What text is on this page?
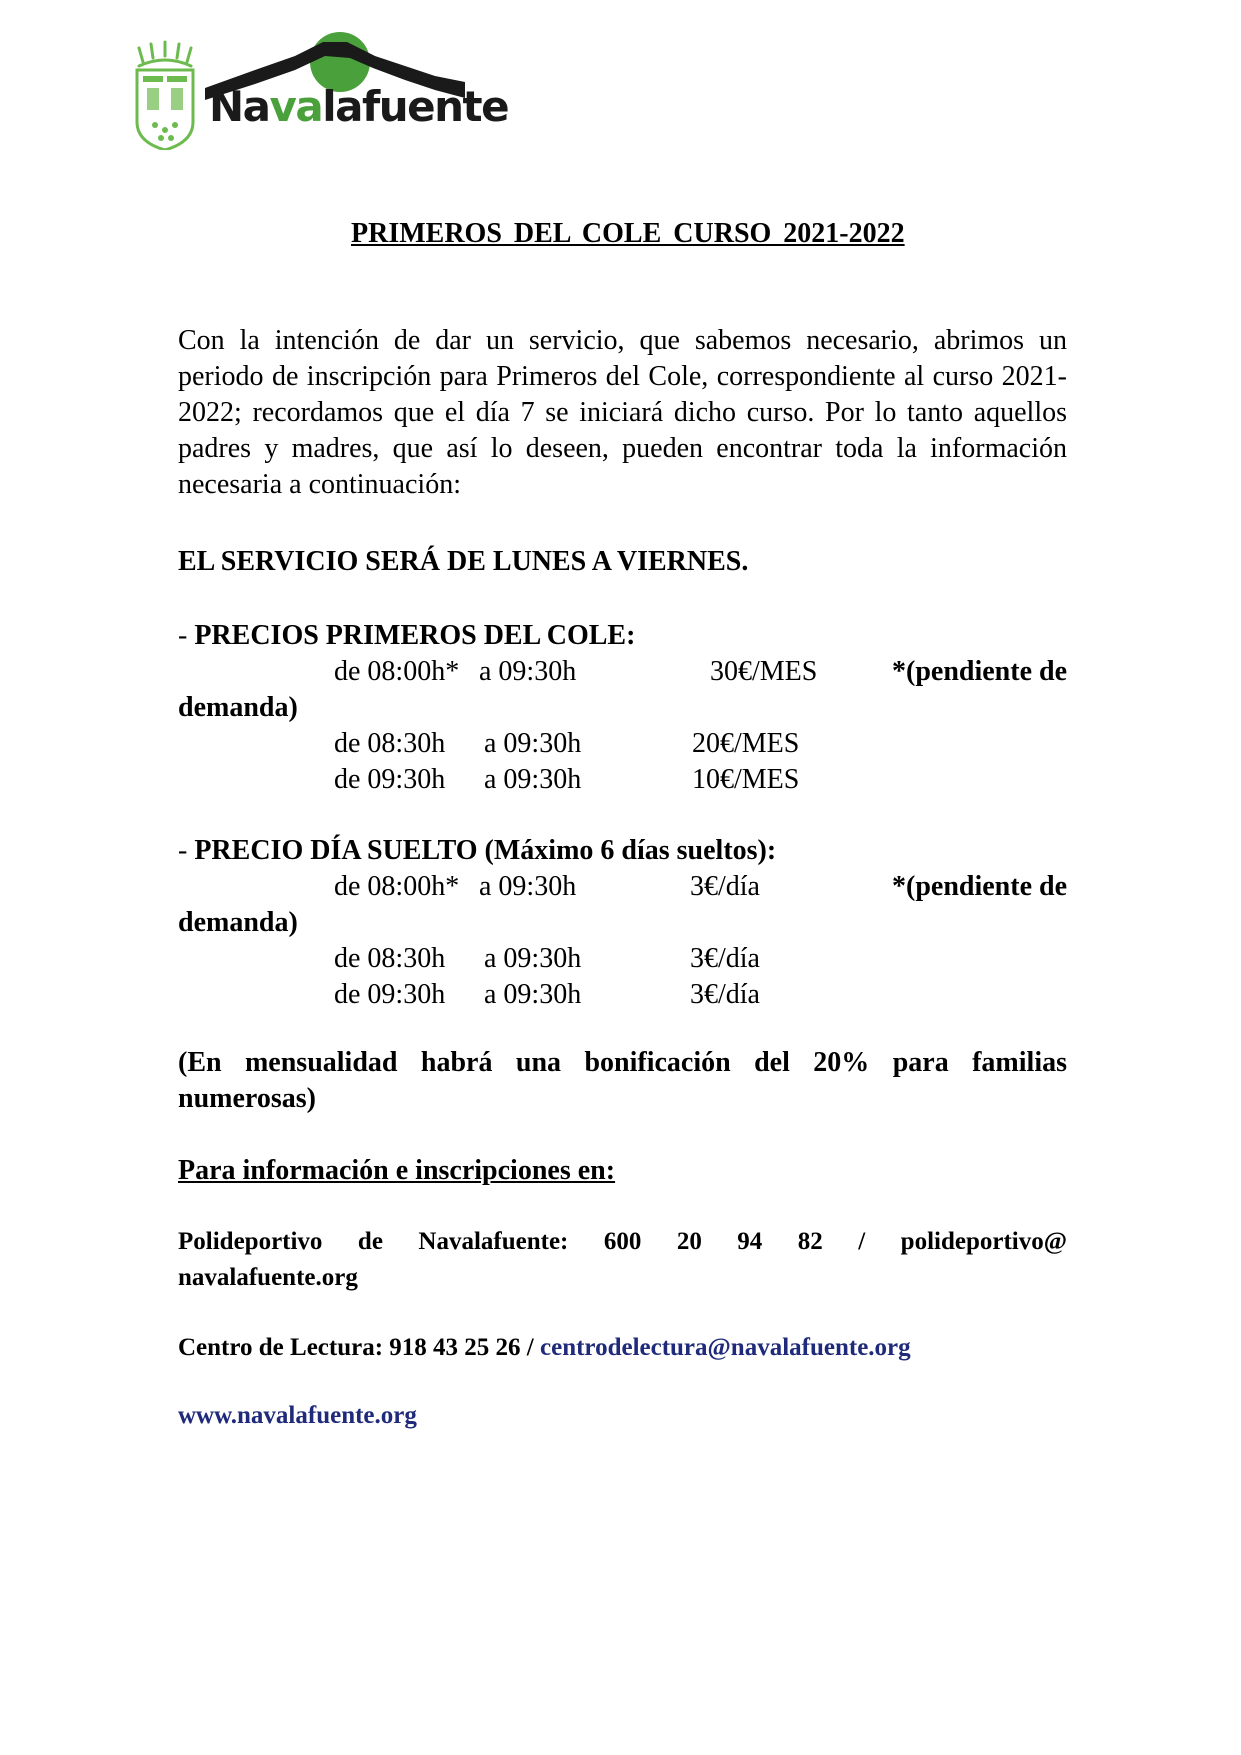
Navalafuente
PRIMEROS DEL COLE CURSO 2021-2022

Con la intención de dar un servicio, que sabemos necesario, abrimos un periodo de inscripción para Primeros del Cole, correspondiente al curso 2021-2022; recordamos que el día 7 se iniciará dicho curso. Por lo tanto aquellos padres y madres, que así lo deseen, pueden encontrar toda la información necesaria a continuación:

EL SERVICIO SERÁ DE LUNES A VIERNES.
- PRECIOS PRIMEROS DEL COLE:
de 08:00h* a 09:30h	30€/MES	*(pendiente de
demanda)
de 08:30h a 09:30h	20€/MES
de 09:30h a 09:30h	10€/MES
- PRECIO DÍA SUELTO (Máximo 6 días sueltos):
de 08:00h* a 09:30h	3€/día	*(pendiente de
demanda)
de 08:30h a 09:30h	3€/día
de 09:30h a 09:30h	3€/día

(En mensualidad habrá una bonificación del 20% para familias numerosas)

Para información e inscripciones en:
Polideportivo de Navalafuente: 600 20 94 82 / polideportivo@
navalafuente.org
Centro de Lectura: 918 43 25 26 / centrodelectura@navalafuente.org
www.navalafuente.org
